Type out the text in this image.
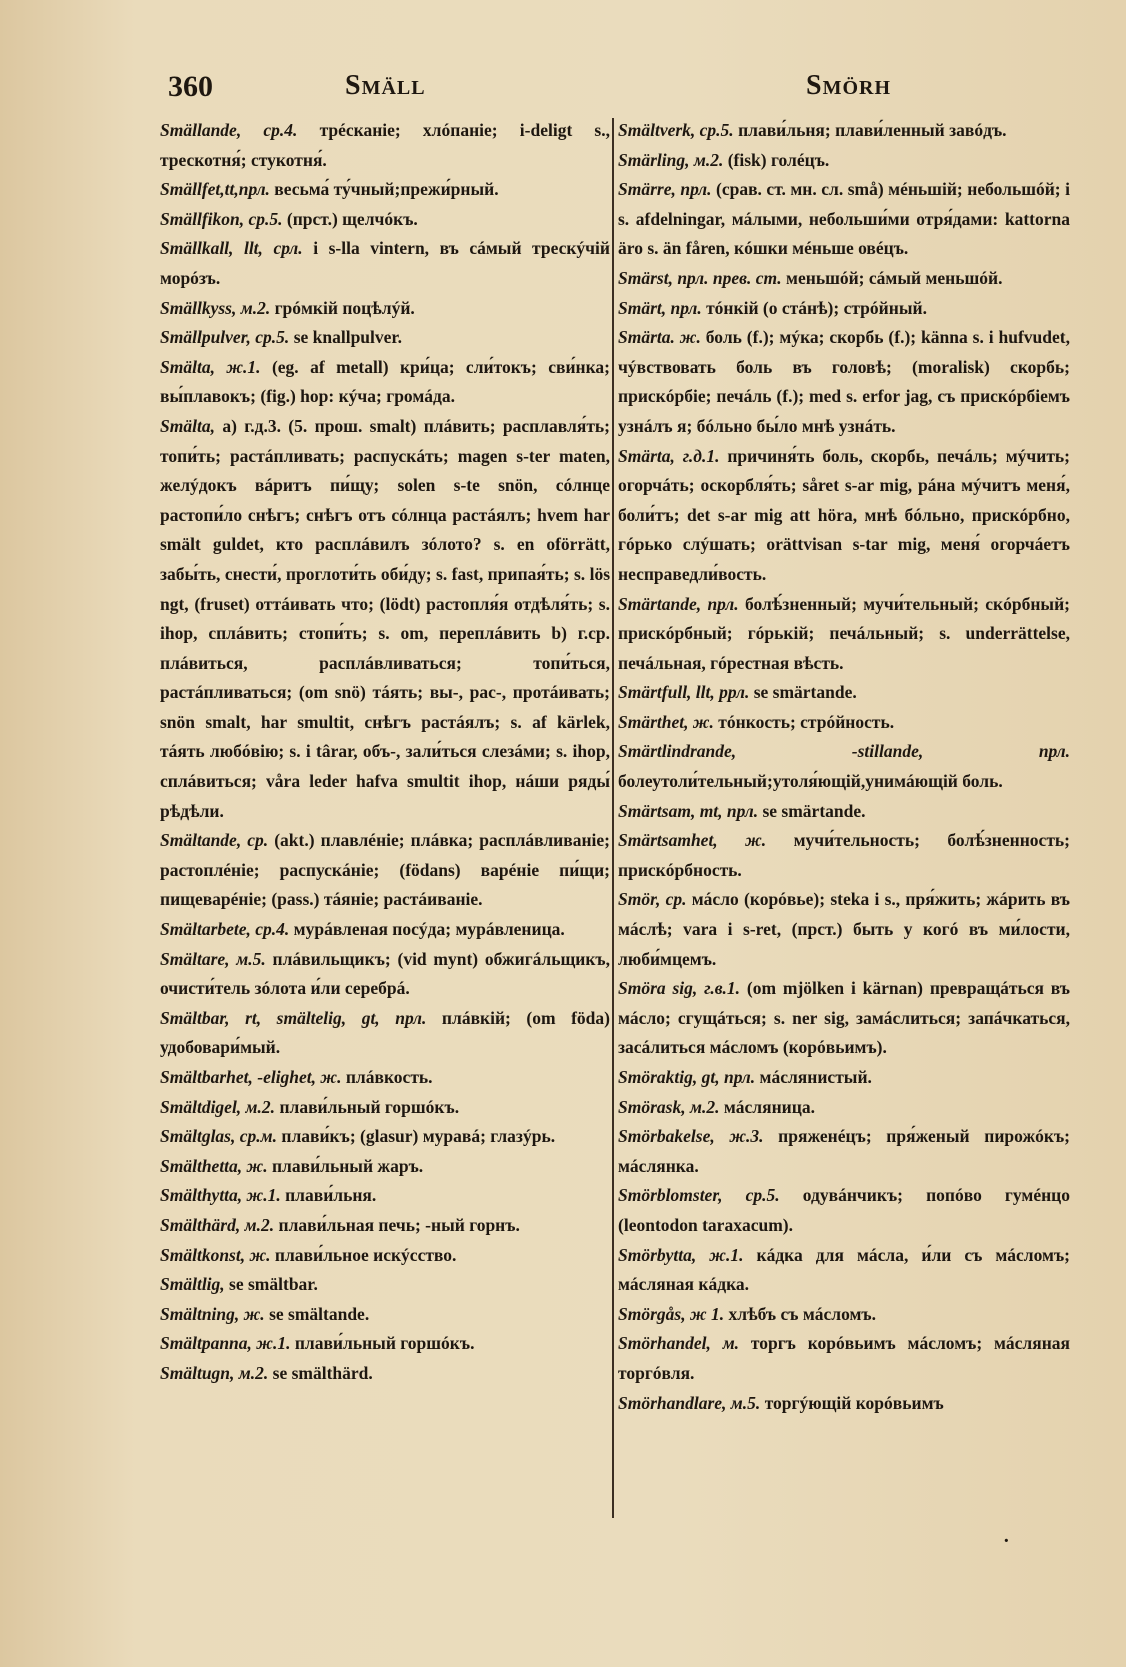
360	Smäll	Smörh
Smällande, ср.4. трéсканіе; хлóпаніе; i-deligt s., трескотня́; стукотня́.
Smällfet,tt,прл. весьма́ ту́чный;прежи́рный.
Smällfikon, ср.5. (прст.) щелчóкъ.
Smällkall, llt, срл. i s-lla vintern, въ сáмый трескýчій морóзъ.
Smällkyss, м.2. грóмкій поцѣлýй.
Smällpulver, ср.5. se knallpulver.
Smälta, ж.1. (eg. af metall) кри́ца; сли́токъ; сви́нка; вы́плавокъ; (fig.) hop: кýча; громáда.
Smälta, a) г.д.3. (5. прош. smalt) плáвить; расплавля́ть; топи́ть; растáпливать; распускáть; magen s-ter maten, желýдокъ вáритъ пи́щу; solen s-te snön, сóлнце растопи́ло снѣгъ; снѣгъ отъ сóлнца растáялъ; hvem har smält guldet, кто расплáвилъ зóлото? s. en oförrätt, забы́ть, снести́, проглоти́ть оби́ду; s. fast, припая́ть; s. lös ngt, (fruset) оттáивать что; (lödt) растопля́я отдѣля́ть; s. ihop, сплáвить; стопи́ть; s. om, переплáвить b) г.ср. плáвиться, расплáвливаться; топи́ться, растáпливаться; (om snö) тáять; вы-, рас-, протáивать; snön smalt, har smultit, снѣгъ растáялъ; s. af kärlek, тáять любóвію; s. i târar, объ-, зали́ться слезáми; s. ihop, сплáвиться; våra leder hafva smultit ihop, нáши ряды́ рѣдѣли.
Smältande, ср. (akt.) плавлéніе; плáвка; расплáвливаніе; растоплéніе; распускáніе; (födans) варéніе пи́щи; пищеварéніе; (pass.) тáяніе; растáиваніе.
Smältarbete, ср.4. мурáвленая посýда; мурáвленица.
Smältare, м.5. плáвильщикъ; (vid mynt) обжигáльщикъ, очисти́тель зóлота и́ли серебрá.
Smältbar, rt, smältelig, gt, прл. плáвкій; (om föda) удобовари́мый.
Smältbarhet, -elighet, ж. плáвкость.
Smältdigel, м.2. плави́льный горшóкъ.
Smältglas, ср.м. плави́къ; (glasur) муравá; глазýрь.
Smälthetta, ж. плави́льный жаръ.
Smälthytta, ж.1. плави́льня.
Smälthärd, м.2. плави́льная печь; -ный горнъ.
Smältkonst, ж. плави́льное искýсство.
Smältlig, se smältbar.
Smältning, ж. se smältande.
Smältpanna, ж.1. плави́льный горшóкъ.
Smältugn, м.2. se smälthärd.
Smältverk, ср.5. плави́льня; плави́ленный завóдъ.
Smärling, м.2. (fisk) голéцъ.
Smärre, прл. (срав. ст. мн. сл. små) мéньшій; небольшóй; i s. afdelningar, мáлыми, небольши́ми отря́дами: kattorna äro s. än fåren, кóшки мéньше овéцъ.
Smärst, прл. прев. ст. меньшóй; сáмый меньшóй.
Smärt, прл. тóнкій (о стáнѣ); стрóйный.
Smärta. ж. боль (f.); мýка; скорбь (f.); känna s. i hufvudet, чýвствовать боль въ головѣ; (moralisk) скорбь; прискóрбіе; печáль (f.); med s. erfor jag, съ прискóрбіемъ узнáлъ я; бóльно бы́ло мнѣ узнáть.
Smärta, г.д.1. причиня́ть боль, скорбь, печáль; мýчить; огорчáть; оскорбля́ть; såret s-ar mig, рáна мýчитъ меня́, боли́тъ; det s-ar mig att höra, мнѣ бóльно, прискóрбно, гóрько слýшать; orättvisan s-tar mig, меня́ огорчáетъ несправедли́вость.
Smärtande, прл. болѣ́зненный; мучи́тельный; скóрбный; прискóрбный; гóрькій; печáльный; s. underrättelse, печáльная, гóрестная вѣсть.
Smärtfull, llt, ррл. se smärtande.
Smärthet, ж. тóнкость; стрóйность.
Smärtlindrande, -stillande, прл. болеутоли́тельный;утоля́ющій,унимáющій боль.
Smärtsam, mt, прл. se smärtande.
Smärtsamhet, ж. мучи́тельность; болѣ́зненность; прискóрбность.
Smör, ср. мáсло (корóвье); steka i s., пря́жить; жáрить въ мáслѣ; vara i s-ret, (прст.) быть у когó въ ми́лости, люби́мцемъ.
Smöra sig, г.в.1. (om mjölken i kärnan) превращáться въ мáсло; сгущáться; s. ner sig, замáслиться; запáчкаться, засáлиться мáсломъ (корóвьимъ).
Smöraktig, gt, прл. мáслянистый.
Smörask, м.2. мáсляница.
Smörbakelse, ж.3. пряженéцъ; пря́женый пирожóкъ; мáслянка.
Smörblomster, ср.5. одувáнчикъ; попóво гумéнцо (leontodon taraxacum).
Smörbytta, ж.1. кáдка для мáсла, и́ли съ мáсломъ; мáсляная кáдка.
Smörgås, ж 1. хлѣбъ съ мáсломъ.
Smörhandel, м. торгъ корóвьимъ мáсломъ; мáсляная торгóвля.
Smörhandlare, м.5. торгýющій корóвьимъ
·
